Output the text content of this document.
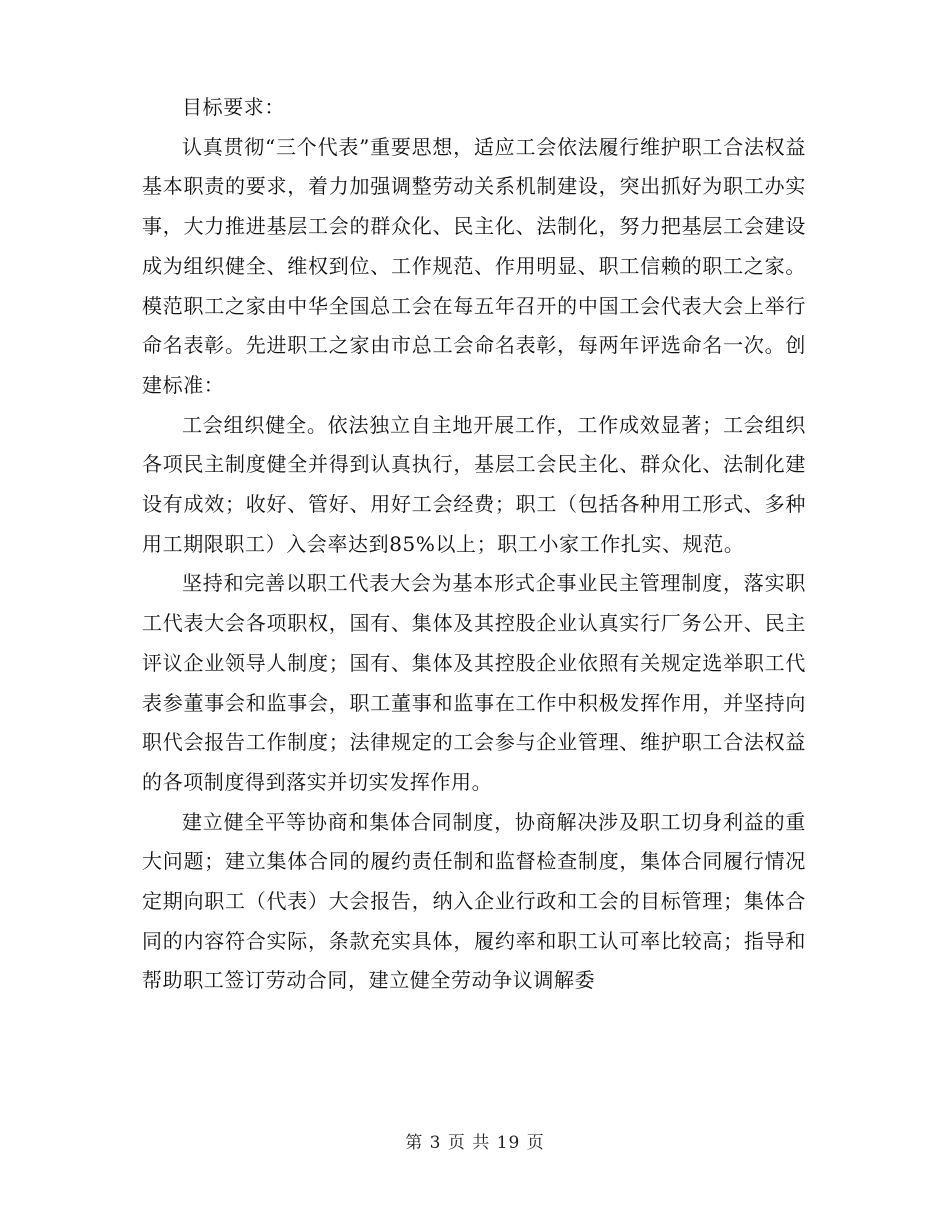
目标要求：

认真贯彻“三个代表”重要思想，适应工会依法履行维护职工合法权益基本职责的要求，着力加强调整劳动关系机制建设，突出抓好为职工办实事，大力推进基层工会的群众化、民主化、法制化，努力把基层工会建设成为组织健全、维权到位、工作规范、作用明显、职工信赖的职工之家。模范职工之家由中华全国总工会在每五年召开的中国工会代表大会上举行命名表彰。先进职工之家由市总工会命名表彰，每两年评选命名一次。创建标准：

工会组织健全。依法独立自主地开展工作，工作成效显著；工会组织各项民主制度健全并得到认真执行，基层工会民主化、群众化、法制化建设有成效；收好、管好、用好工会经费；职工（包括各种用工形式、多种用工期限职工）入会率达到85%以上；职工小家工作扎实、规范。

坚持和完善以职工代表大会为基本形式企事业民主管理制度，落实职工代表大会各项职权，国有、集体及其控股企业认真实行厂务公开、民主评议企业领导人制度；国有、集体及其控股企业依照有关规定选举职工代表参董事会和监事会，职工董事和监事在工作中积极发挥作用，并坚持向职代会报告工作制度；法律规定的工会参与企业管理、维护职工合法权益的各项制度得到落实并切实发挥作用。

建立健全平等协商和集体合同制度，协商解决涉及职工切身利益的重大问题；建立集体合同的履约责任制和监督检查制度，集体合同履行情况定期向职工（代表）大会报告，纳入企业行政和工会的目标管理；集体合同的内容符合实际，条款充实具体，履约率和职工认可率比较高；指导和帮助职工签订劳动合同，建立健全劳动争议调解委

第 3 页 共 19 页
